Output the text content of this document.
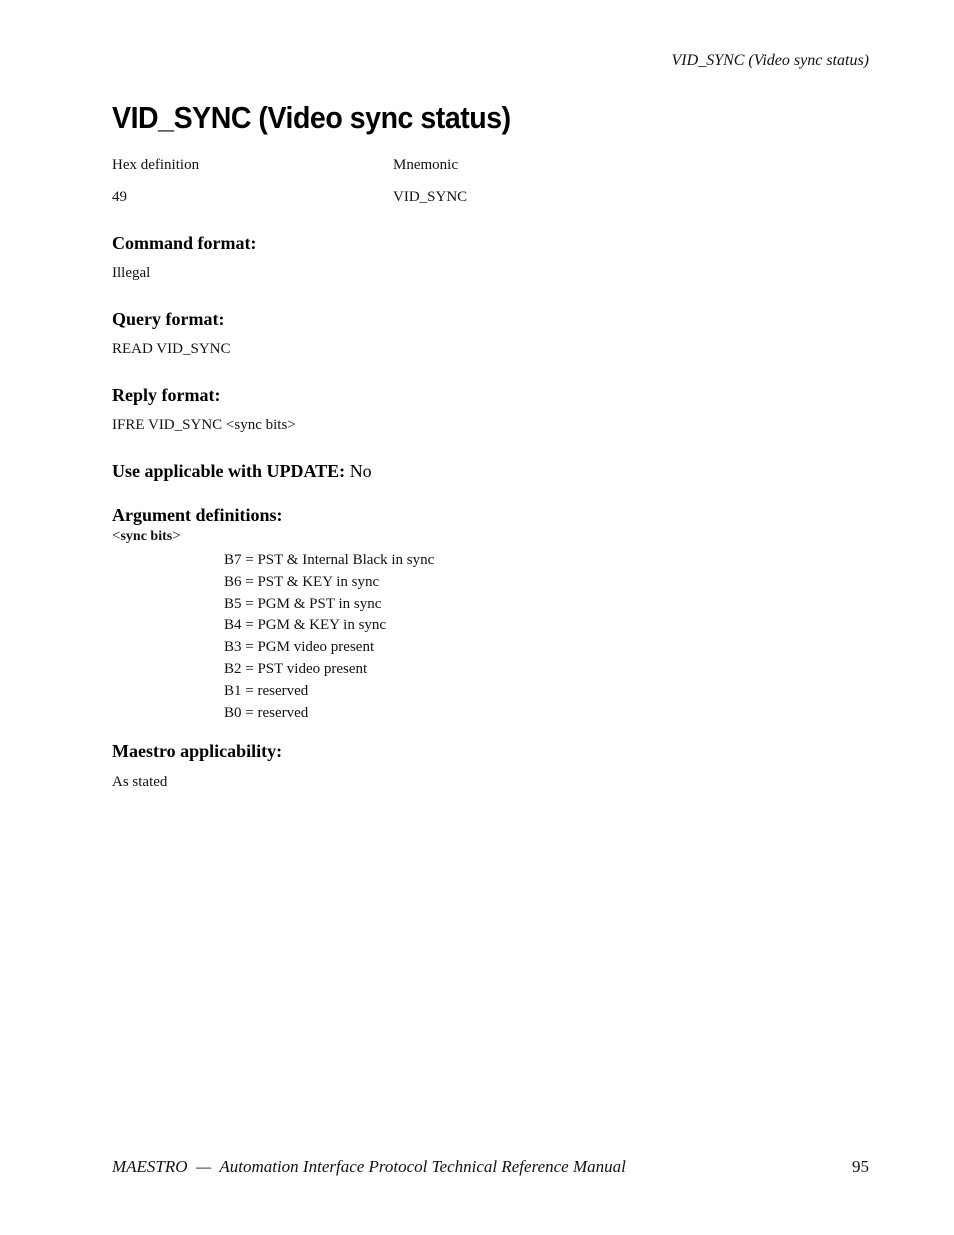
VID_SYNC (Video sync status)
VID_SYNC (Video sync status)
Hex definition	Mnemonic
49	VID_SYNC
Command format:
Illegal
Query format:
READ VID_SYNC
Reply format:
IFRE VID_SYNC <sync bits>
Use applicable with UPDATE: No
Argument definitions:
<sync bits>
B7 = PST & Internal Black in sync
B6 = PST & KEY in sync
B5 = PGM & PST in sync
B4 = PGM & KEY in sync
B3 = PGM video present
B2 = PST video present
B1 = reserved
B0 = reserved
Maestro applicability:
As stated
MAESTRO  —  Automation Interface Protocol Technical Reference Manual	95
